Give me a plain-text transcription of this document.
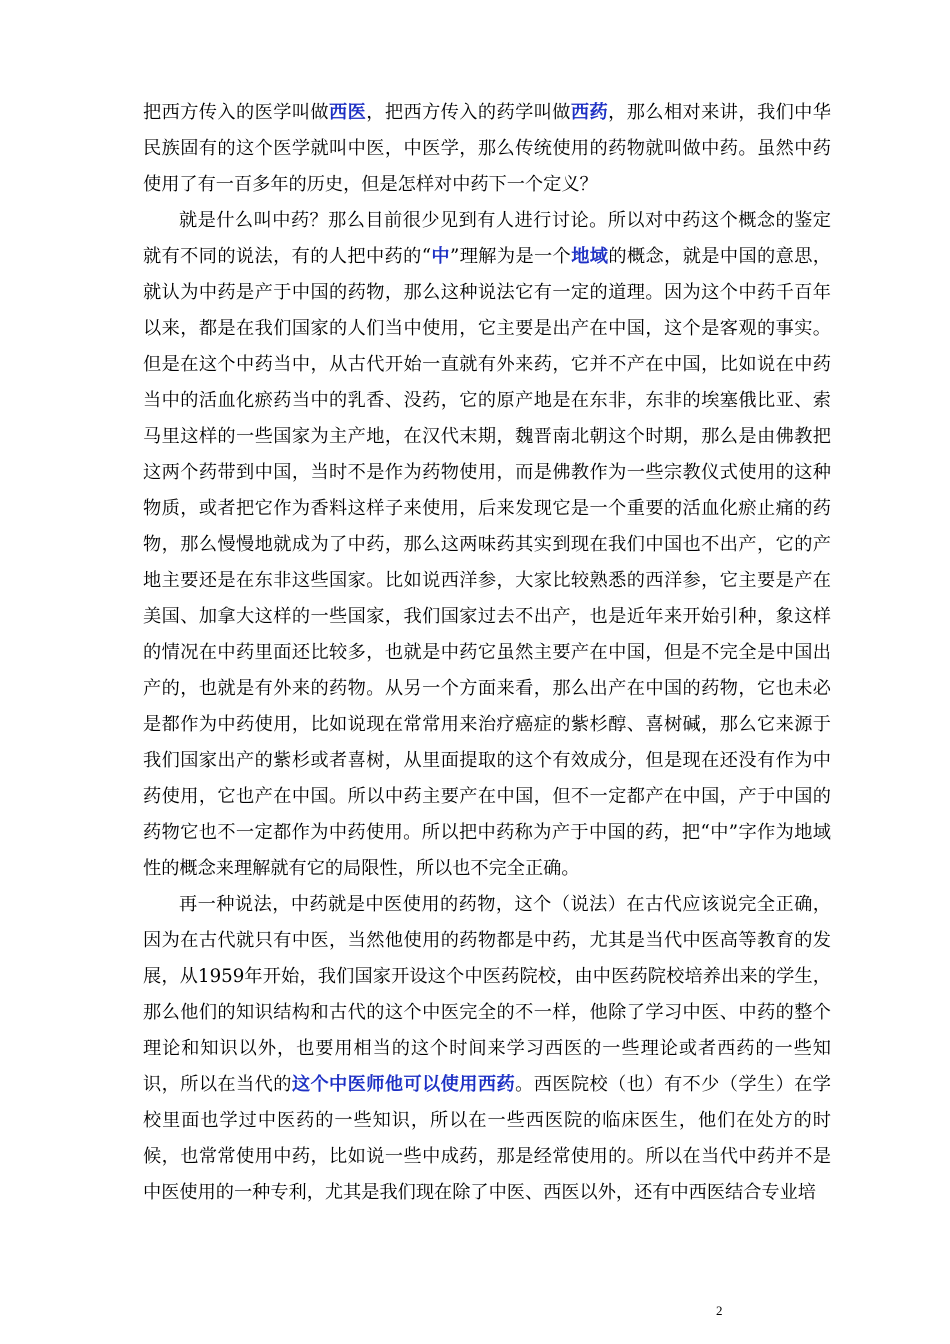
把西方传入的医学叫做西医，把西方传入的药学叫做西药，那么相对来讲，我们中华民族固有的这个医学就叫中医，中医学，那么传统使用的药物就叫做中药。虽然中药使用了有一百多年的历史，但是怎样对中药下一个定义？

就是什么叫中药？那么目前很少见到有人进行讨论。所以对中药这个概念的鉴定就有不同的说法，有的人把中药的“中”理解为是一个地域的概念，就是中国的意思，就认为中药是产于中国的药物，那么这种说法它有一定的道理。因为这个中药千百年以来，都是在我们国家的人们当中使用，它主要是出产在中国，这个是客观的事实。但是在这个中药当中，从古代开始一直就有外来药，它并不产在中国，比如说在中药当中的活血化瘀药当中的乳香、没药，它的原产地是在东非，东非的埃塞俄比亚、索马里这样的一些国家为主产地，在汉代末期，魏晋南北朝这个时期，那么是由佛教把这两个药带到中国，当时不是作为药物使用，而是佛教作为一些宗教仪式使用的这种物质，或者把它作为香料这样子来使用，后来发现它是一个重要的活血化瘀止痛的药物，那么慢慢地就成为了中药，那么这两味药其实到现在我们中国也不出产，它的产地主要还是在东非这些国家。比如说西洋参，大家比较熟悉的西洋参，它主要是产在美国、加拿大这样的一些国家，我们国家过去不出产，也是近年来开始引种，象这样的情况在中药里面还比较多，也就是中药它虽然主要产在中国，但是不完全是中国出产的，也就是有外来的药物。从另一个方面来看，那么出产在中国的药物，它也未必是都作为中药使用，比如说现在常常用来治疗癌症的紫杉醇、喜树碱，那么它来源于我们国家出产的紫杉或者喜树，从里面提取的这个有效成分，但是现在还没有作为中药使用，它也产在中国。所以中药主要产在中国，但不一定都产在中国，产于中国的药物它也不一定都作为中药使用。所以把中药称为产于中国的药，把“中”字作为地域性的概念来理解就有它的局限性，所以也不完全正确。

再一种说法，中药就是中医使用的药物，这个（说法）在古代应该说完全正确，因为在古代就只有中医，当然他使用的药物都是中药，尤其是当代中医高等教育的发展，从1959年开始，我们国家开设这个中医药院校，由中医药院校培养出来的学生，那么他们的知识结构和古代的这个中医完全的不一样，他除了学习中医、中药的整个理论和知识以外，也要用相当的这个时间来学习西医的一些理论或者西药的一些知识，所以在当代的这个中医师他可以使用西药。西医院校（也）有不少（学生）在学校里面也学过中医药的一些知识，所以在一些西医院的临床医生，他们在处方的时候，也常常使用中药，比如说一些中成药，那是经常使用的。所以在当代中药并不是中医使用的一种专利，尤其是我们现在除了中医、西医以外，还有中西医结合专业培

2
